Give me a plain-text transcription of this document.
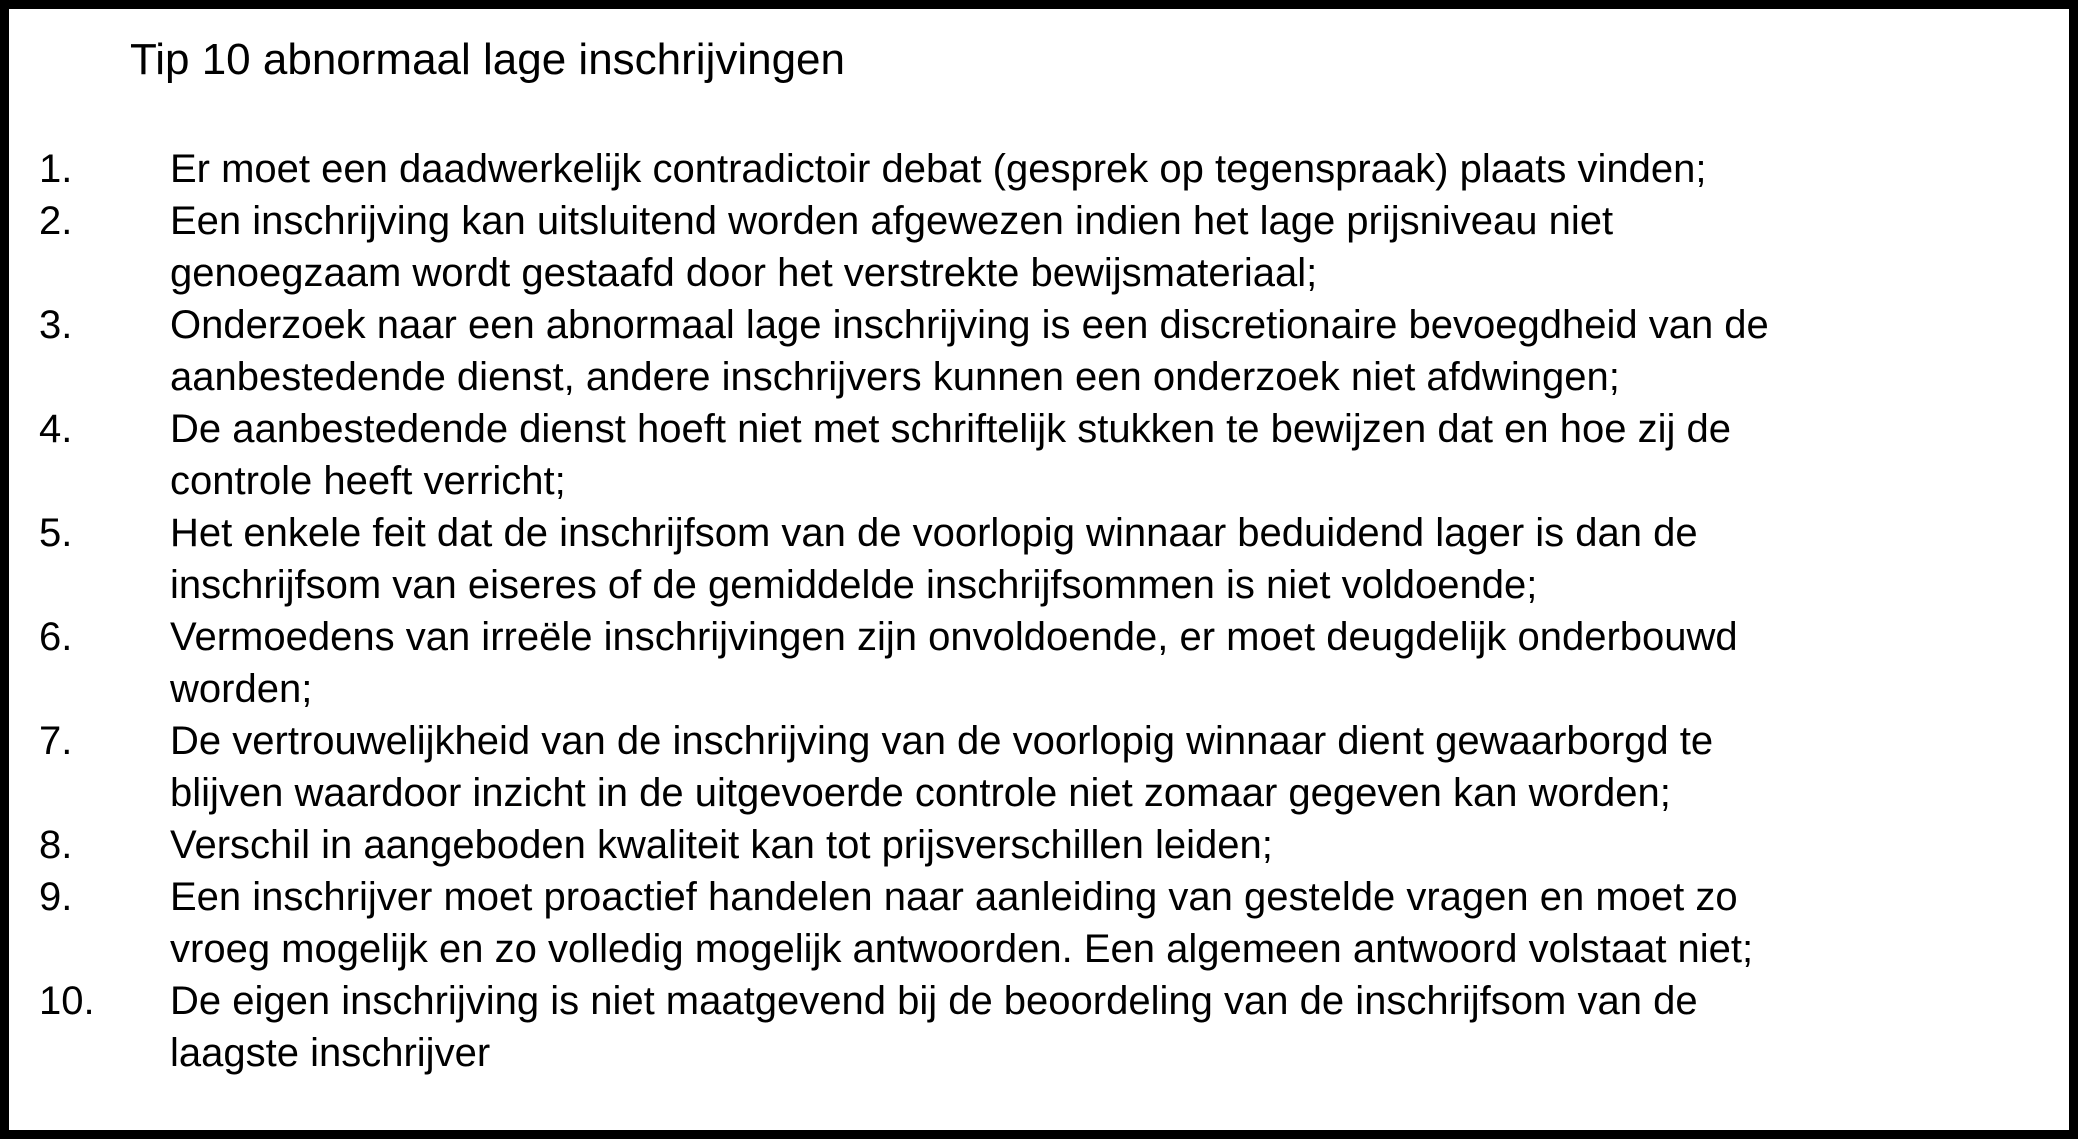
Tip 10 abnormaal lage inschrijvingen
1.	Er moet een daadwerkelijk contradictoir debat (gesprek op tegenspraak) plaats vinden;
2.	Een inschrijving kan uitsluitend worden afgewezen indien het lage prijsniveau niet
genoegzaam wordt gestaafd door het verstrekte bewijsmateriaal;
3.	Onderzoek naar een abnormaal lage inschrijving is een discretionaire bevoegdheid van de
aanbestedende dienst, andere inschrijvers kunnen een onderzoek niet afdwingen;
4.	De aanbestedende dienst hoeft niet met schriftelijk stukken te bewijzen dat en hoe zij de
controle heeft verricht;
5.	Het enkele feit dat de inschrijfsom van de voorlopig winnaar beduidend lager is dan de
inschrijfsom van eiseres of de gemiddelde inschrijfsommen is niet voldoende;
6.	Vermoedens van irreële inschrijvingen zijn onvoldoende, er moet deugdelijk onderbouwd
worden;
7.	De vertrouwelijkheid van de inschrijving van de voorlopig winnaar dient gewaarborgd te
blijven waardoor inzicht in de uitgevoerde controle niet zomaar gegeven kan worden;
8.	Verschil in aangeboden kwaliteit kan tot prijsverschillen leiden;
9.	Een inschrijver moet proactief handelen naar aanleiding van gestelde vragen en moet zo
vroeg mogelijk en zo volledig mogelijk antwoorden. Een algemeen antwoord volstaat niet;
10.	De eigen inschrijving is niet maatgevend bij de beoordeling van de inschrijfsom van de
laagste inschrijver
